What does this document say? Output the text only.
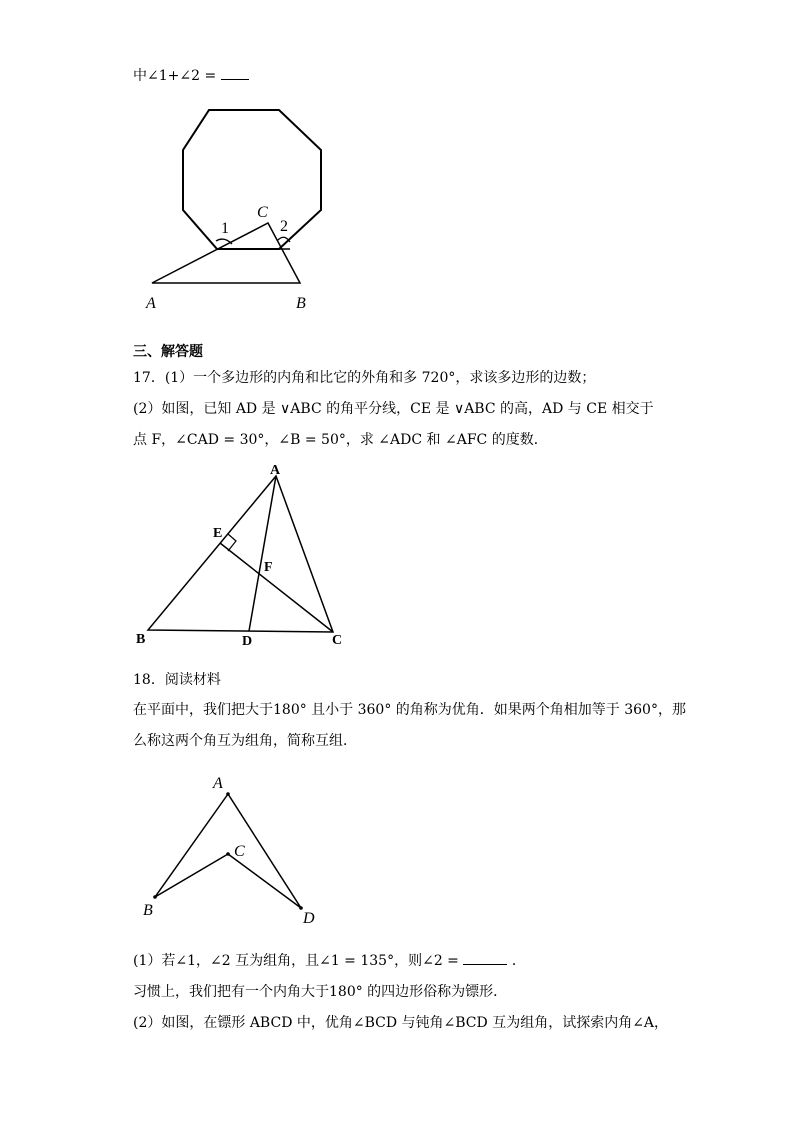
中∠1+∠2 =
1	2
C
A	B
三、解答题
17．(1）一个多边形的内角和比它的外角和多 720°，求该多边形的边数；
(2）如图，已知 AD 是 ∨ABC 的角平分线，CE 是 ∨ABC 的高，AD 与 CE 相交于
点 F，∠CAD = 30°，∠B = 50°，求 ∠ADC 和 ∠AFC 的度数．
A
E
F
B	D	C
18．阅读材料
在平面中，我们把大于180° 且小于 360° 的角称为优角．如果两个角相加等于 360°，那
么称这两个角互为组角，简称互组．
A
C
B	D
(1）若∠1，∠2 互为组角，且∠1 = 135°，则∠2 =	．
习惯上，我们把有一个内角大于180° 的四边形俗称为镖形．
(2）如图，在镖形 ABCD 中，优角∠BCD 与钝角∠BCD 互为组角，试探索内角∠A，
